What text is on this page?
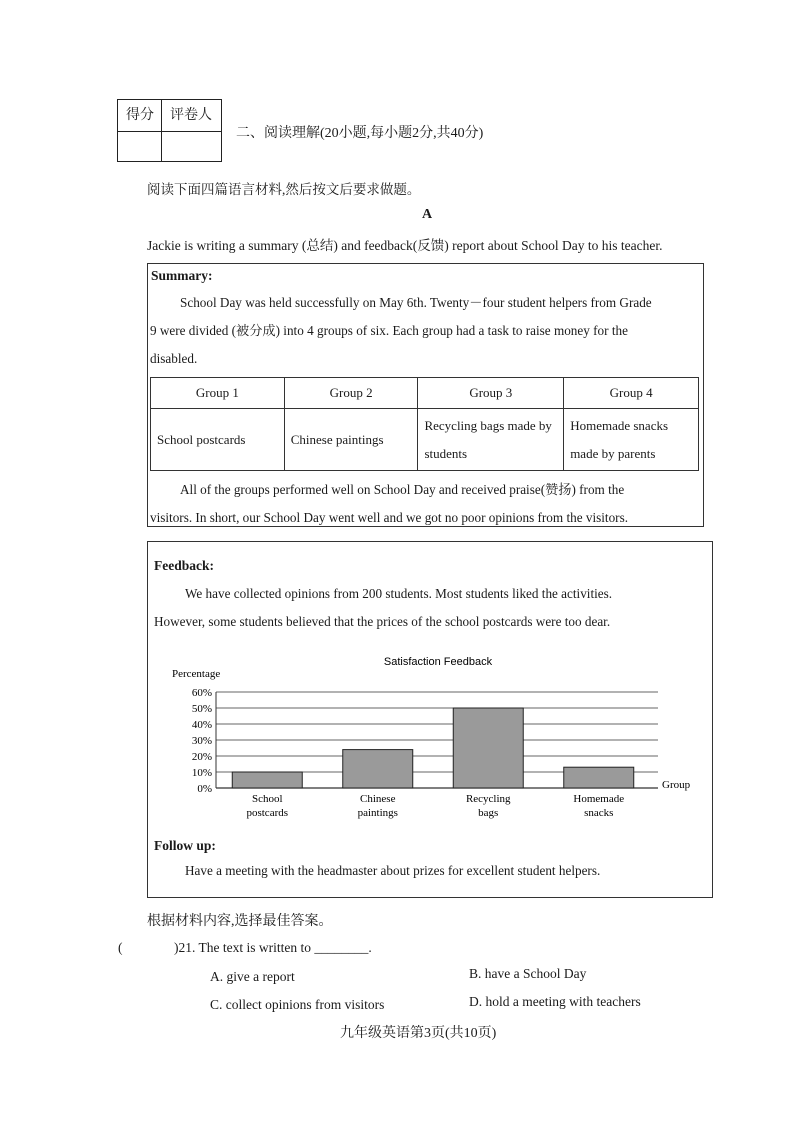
得分	评卷人
二、阅读理解(20小题,每小题2分,共40分)
阅读下面四篇语言材料,然后按文后要求做题。
A
Jackie is writing a summary (总结) and feedback(反馈) report about School Day to his teacher.
Summary:
School Day was held successfully on May 6th. Twenty－four student helpers from Grade
9 were divided (被分成) into 4 groups of six. Each group had a task to raise money for the
disabled.
Group 1	Group 2	Group 3	Group 4
School postcards	Chinese paintings	Recycling bags made by students	Homemade snacks made by parents
All of the groups performed well on School Day and received praise(赞扬) from the
visitors. In short, our School Day went well and we got no poor opinions from the visitors.
Feedback:
We have collected opinions from 200 students. Most students liked the activities.
However, some students believed that the prices of the school postcards were too dear.
Satisfaction Feedback
Percentage
Group
0%
10%
20%
30%
40%
50%
60%
School
postcards
Chinese
paintings
Recycling
bags
Homemade
snacks
Follow up:
Have a meeting with the headmaster about prizes for excellent student helpers.
根据材料内容,选择最佳答案。
(	)21. The text is written to ________.
A. give a report	B. have a School Day
C. collect opinions from visitors	D. hold a meeting with teachers
九年级英语第3页(共10页)
